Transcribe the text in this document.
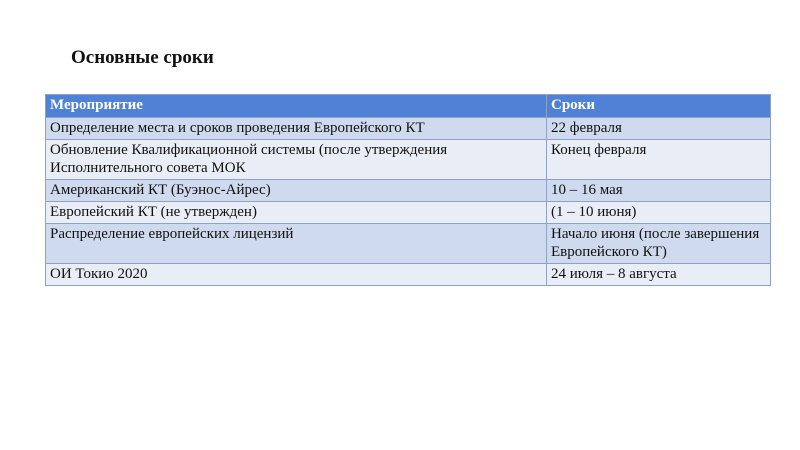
Основные сроки
Мероприятие	Сроки
Определение места и сроков проведения Европейского КТ	22 февраля
Обновление Квалификационной системы (после утверждения Исполнительного совета МОК	Конец февраля
Американский КТ (Буэнос-Айрес)	10 – 16 мая
Европейский КТ (не утвержден)	(1 – 10 июня)
Распределение европейских лицензий	Начало июня (после завершения Европейского КТ)
ОИ Токио 2020	24 июля – 8 августа
